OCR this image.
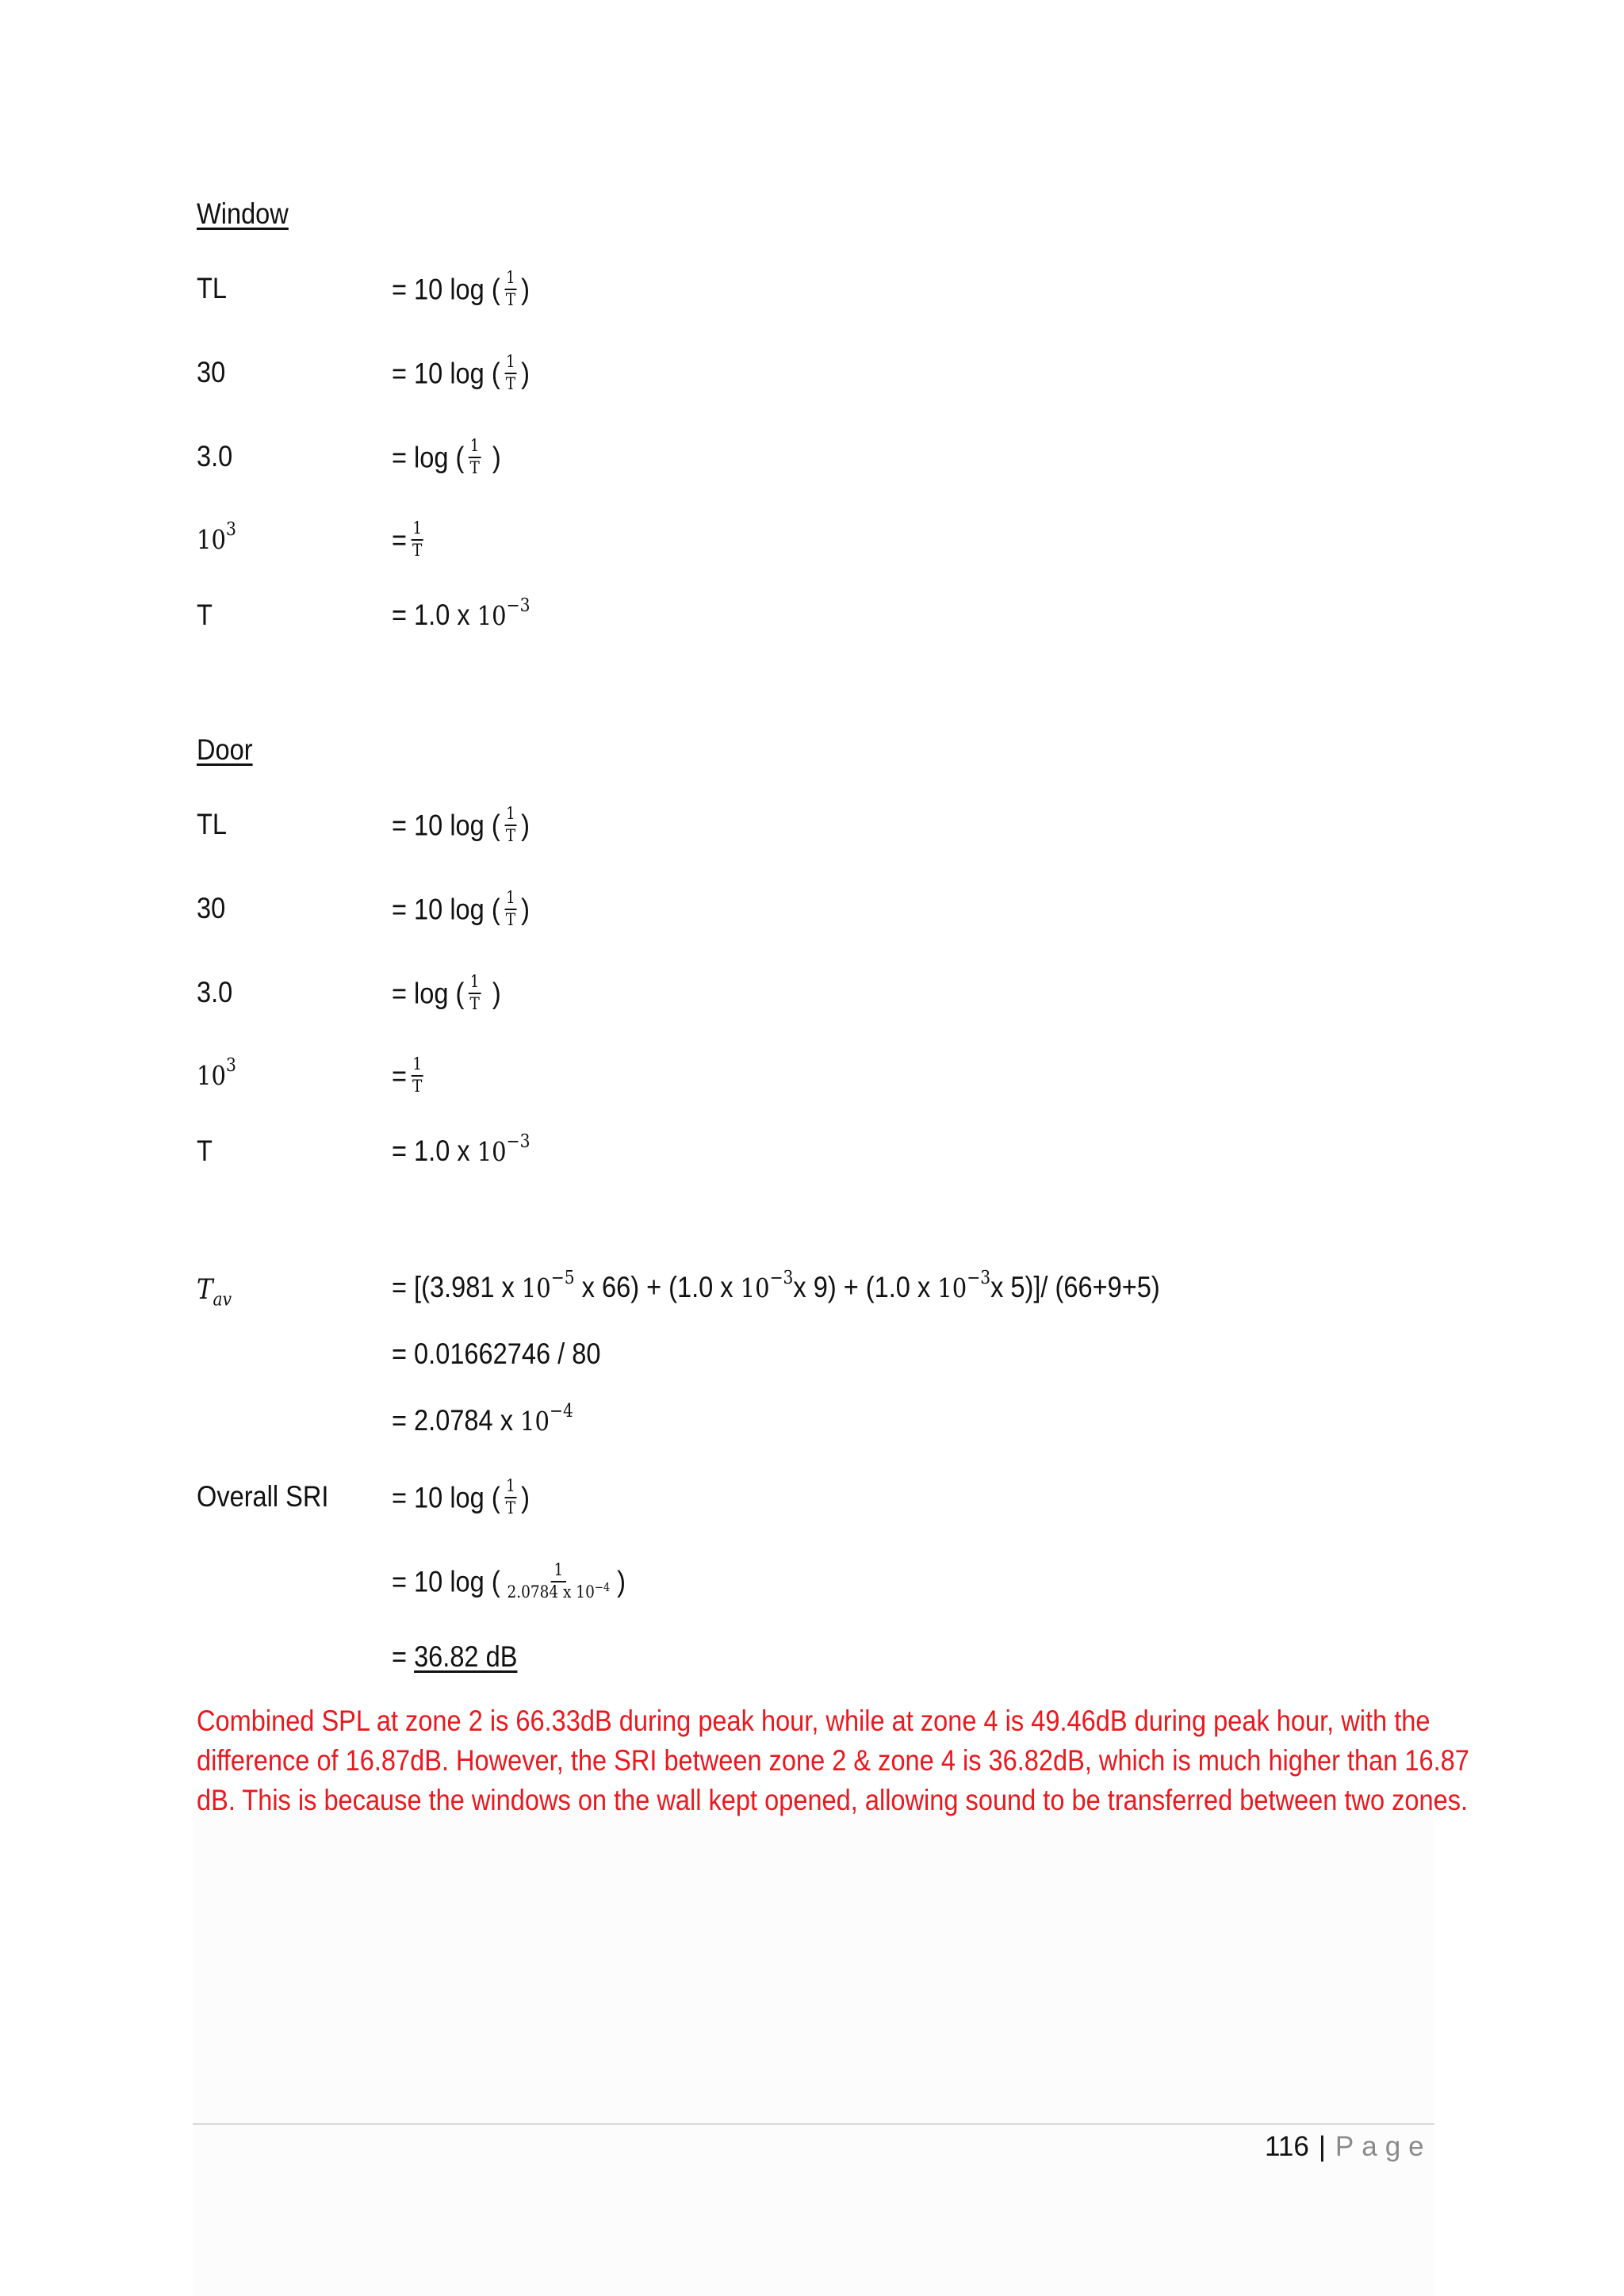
Window
TL	= 10 log ( $\frac{1}{T}$ )
30	= 10 log ( $\frac{1}{T}$ )
3.0	= log ( $\frac{1}{T}$ )
$10^3$	= $\frac{1}{T}$
T	= 1.0 x $10^{-3}$
Door
TL	= 10 log ( $\frac{1}{T}$ )
30	= 10 log ( $\frac{1}{T}$ )
3.0	= log ( $\frac{1}{T}$ )
$10^3$	= $\frac{1}{T}$
T	= 1.0 x $10^{-3}$
$T_{av}$	= [(3.981 x $10^{-5}$ x 66) + (1.0 x $10^{-3}x$ 9) + (1.0 x $10^{-3}x$ 5)]/ (66+9+5)
= 0.01662746 / 80
= 2.0784 x $10^{-4}$
Overall SRI = 10 log ( $\frac{1}{T}$ )
= 10 log ( $\frac{1}{2.0784 x 10^{-4}}$ )
= 36.82 dB
Combined SPL at zone 2 is 66.33dB during peak hour, while at zone 4 is 49.46dB during peak hour, with the
difference of 16.87dB. However, the SRI between zone 2 & zone 4 is 36.82dB, which is much higher than 16.87
dB. This is because the windows on the wall kept opened, allowing sound to be transferred between two zones.
116 | Page
